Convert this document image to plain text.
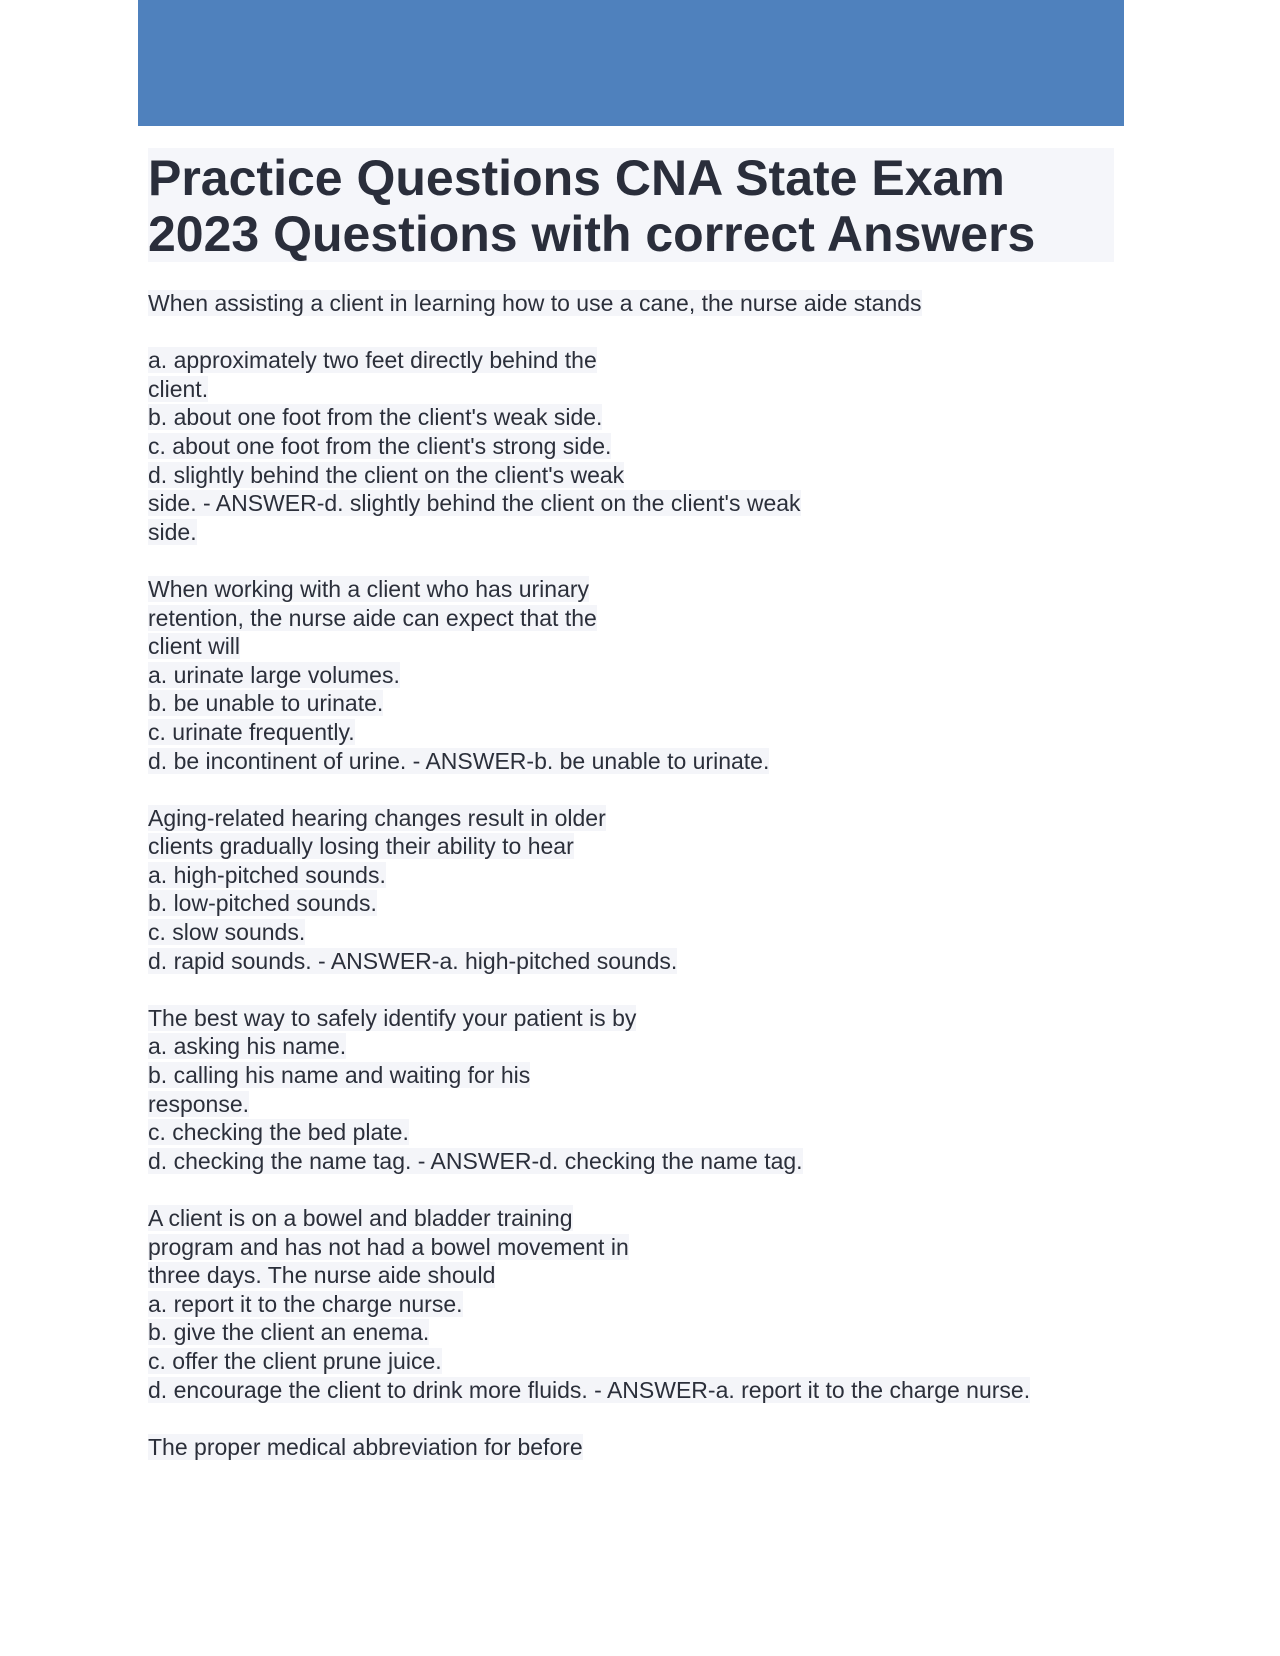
Practice Questions CNA State Exam 2023 Questions with correct Answers
When assisting a client in learning how to use a cane, the nurse aide stands
a. approximately two feet directly behind the
client.
b. about one foot from the client's weak side.
c. about one foot from the client's strong side.
d. slightly behind the client on the client's weak
side. - ANSWER-d. slightly behind the client on the client's weak
side.
When working with a client who has urinary
retention, the nurse aide can expect that the
client will
a. urinate large volumes.
b. be unable to urinate.
c. urinate frequently.
d. be incontinent of urine. - ANSWER-b. be unable to urinate.
Aging-related hearing changes result in older
clients gradually losing their ability to hear
a. high-pitched sounds.
b. low-pitched sounds.
c. slow sounds.
d. rapid sounds. - ANSWER-a. high-pitched sounds.
The best way to safely identify your patient is by
a. asking his name.
b. calling his name and waiting for his
response.
c. checking the bed plate.
d. checking the name tag. - ANSWER-d. checking the name tag.
A client is on a bowel and bladder training
program and has not had a bowel movement in
three days. The nurse aide should
a. report it to the charge nurse.
b. give the client an enema.
c. offer the client prune juice.
d. encourage the client to drink more fluids. - ANSWER-a. report it to the charge nurse.
The proper medical abbreviation for before
